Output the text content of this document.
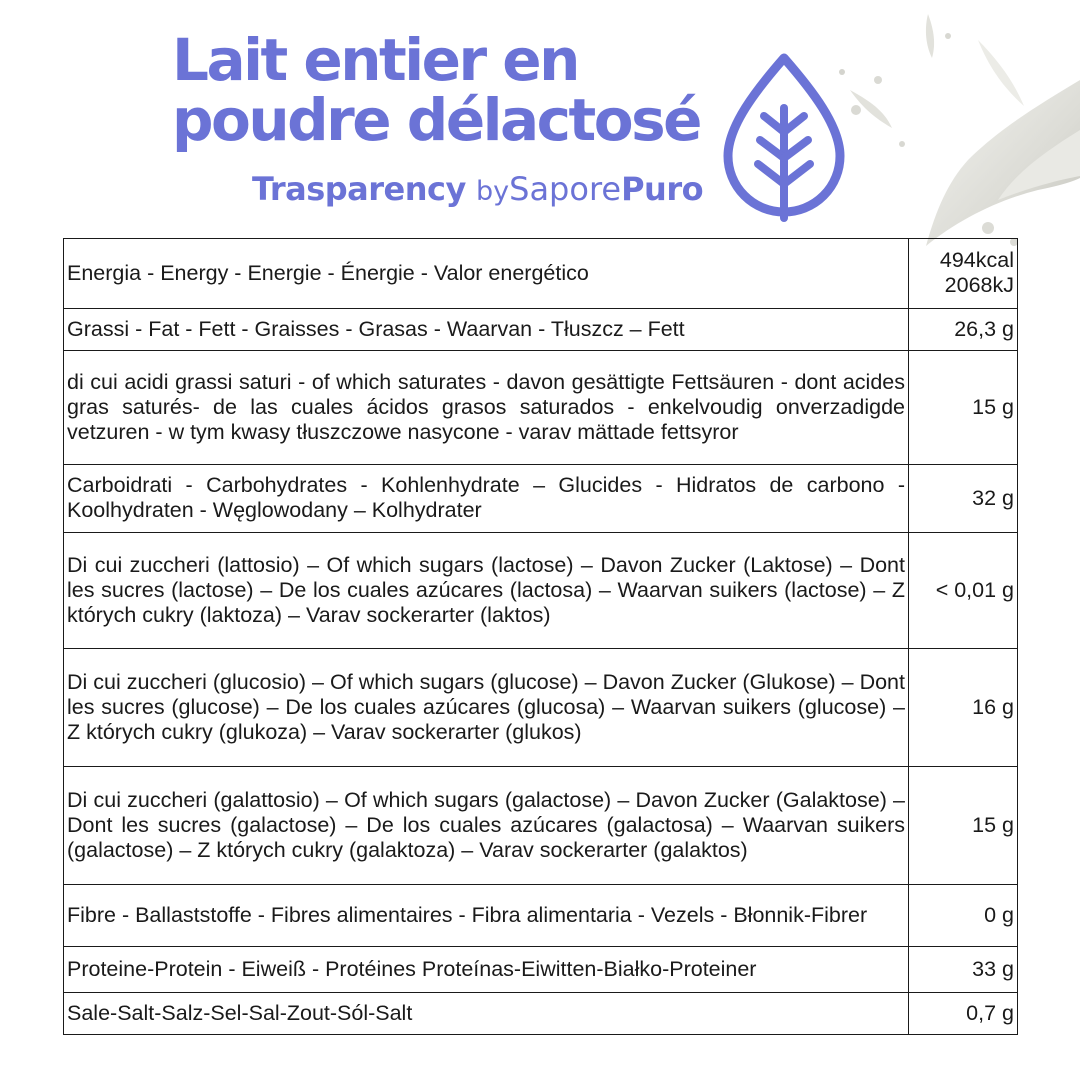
Lait entier en
poudre délactosé
Trasparency bySaporePuro
Energia - Energy - Energie - Énergie - Valor energético	494kcal
2068kJ
Grassi - Fat - Fett - Graisses - Grasas - Waarvan - Tłuszcz – Fett	26,3 g
di cui acidi grassi saturi - of which saturates - davon gesättigte Fettsäuren - dont acides gras saturés- de las cuales ácidos grasos saturados - enkelvoudig onverzadigde vetzuren - w tym kwasy tłuszczowe nasycone - varav mättade fettsyror	15 g
Carboidrati - Carbohydrates - Kohlenhydrate – Glucides - Hidratos de carbono - Koolhydraten - Węglowodany – Kolhydrater	32 g
Di cui zuccheri (lattosio) – Of which sugars (lactose) – Davon Zucker (Laktose) – Dont les sucres (lactose) – De los cuales azúcares (lactosa) – Waarvan suikers (lactose) – Z których cukry (laktoza) – Varav sockerarter (laktos)	< 0,01 g
Di cui zuccheri (glucosio) – Of which sugars (glucose) – Davon Zucker (Glukose) – Dont les sucres (glucose) – De los cuales azúcares (glucosa) – Waarvan suikers (glucose) – Z których cukry (glukoza) – Varav sockerarter (glukos)	16 g
Di cui zuccheri (galattosio) – Of which sugars (galactose) – Davon Zucker (Galaktose) – Dont les sucres (galactose) – De los cuales azúcares (galactosa) – Waarvan suikers (galactose) – Z których cukry (galaktoza) – Varav sockerarter (galaktos)	15 g
Fibre - Ballaststoffe - Fibres alimentaires - Fibra alimentaria - Vezels - Błonnik-Fibrer	0 g
Proteine-Protein - Eiweiß - Protéines Proteínas-Eiwitten-Białko-Proteiner	33 g
Sale-Salt-Salz-Sel-Sal-Zout-Sól-Salt	0,7 g
